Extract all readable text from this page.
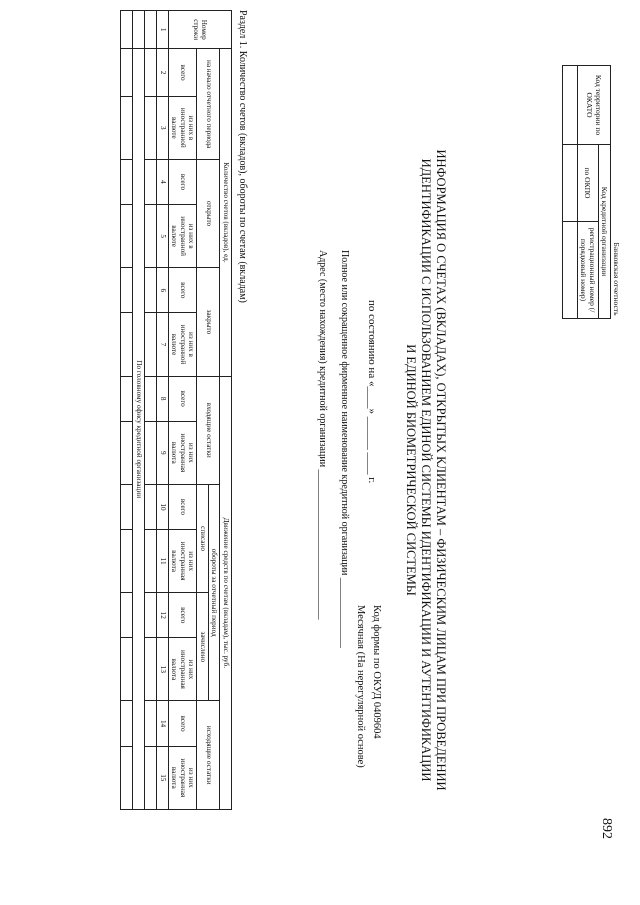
892
Банковская отчетность		
Код территории по ОКАТО	Код кредитной организации	
	по ОКПО	регистрационный номер (/порядковый номер)

ИНФОРМАЦИЯ О СЧЕТАХ (ВКЛАДАХ), ОТКРЫТЫХ КЛИЕНТАМ – ФИЗИЧЕСКИМ ЛИЦАМ ПРИ ПРОВЕДЕНИИ
ИДЕНТИФИКАЦИИ С ИСПОЛЬЗОВАНИЕМ ЕДИНОЙ СИСТЕМЫ ИДЕНТИФИКАЦИИ И АУТЕНТИФИКАЦИИ
И ЕДИНОЙ БИОМЕТРИЧЕСКОЙ СИСТЕМЫ
по состоянию на «____» ______ ____ г.
Полное или сокращенное фирменное наименование кредитной организации ______________
Адрес (место нахождения) кредитной организации ______________________________
Код формы по ОКУД 0409604
Месячная (На нерегулярной основе)
Раздел 1. Количество счетов (вкладов), обороты по счетам (вкладам)
Номер строки	Количество счетов (вкладов), ед.						Движение средств по счетам (вкладам), тыс. руб.							
	на начало отчетного периода		открыто		закрыто		входящие остатки		обороты за отчетный период				исходящие остатки	
									списано		зачислено			
	всего	из них в иностранной валюте	всего	из них в иностранной валюте	всего	из них в иностранной валюте	всего	из них иностранная валюта	всего	из них иностранная валюта	всего	из них иностранная валюта	всего	из них иностранная валюта
1	2	3	4	5	6	7	8	9	10	11	12	13	14	15

	По головному офису кредитной организации													
